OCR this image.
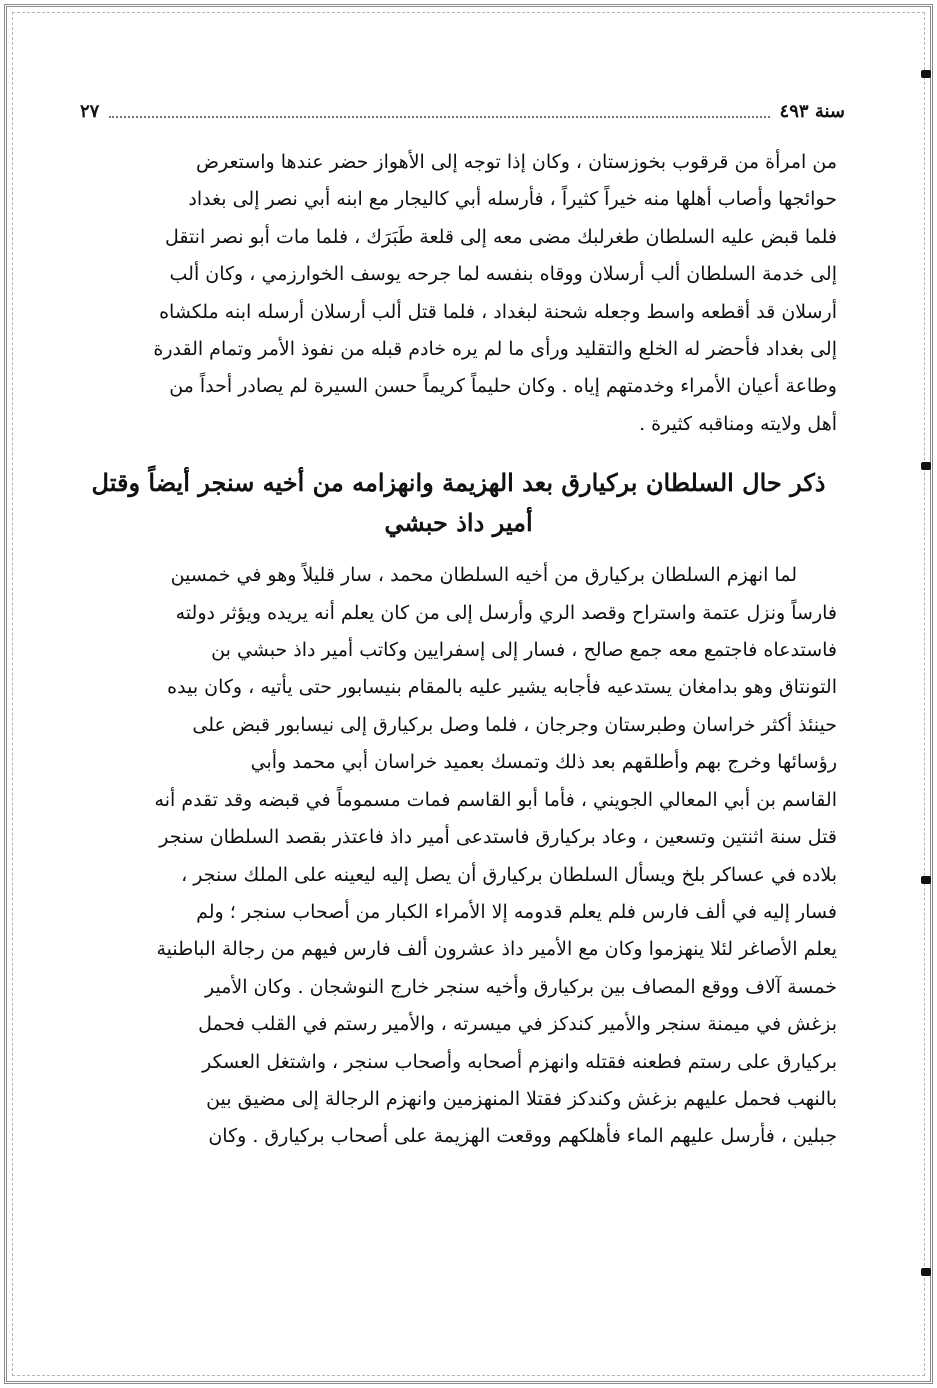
سنة ٤٩٣
٢٧

من امرأة من قرقوب بخوزستان ، وكان إذا توجه إلى الأهواز حضر عندها واستعرض

حوائجها وأصاب أهلها منه خيراً كثيراً ، فأرسله أبي كاليجار مع ابنه أبي نصر إلى بغداد

فلما قبض عليه السلطان طغرلبك مضى معه إلى قلعة طَبَرَك ، فلما مات أبو نصر انتقل

إلى خدمة السلطان ألب أرسلان ووقاه بنفسه لما جرحه يوسف الخوارزمي ، وكان ألب

أرسلان قد أقطعه واسط وجعله شحنة لبغداد ، فلما قتل ألب أرسلان أرسله ابنه ملكشاه

إلى بغداد فأحضر له الخلع والتقليد ورأى ما لم يره خادم قبله من نفوذ الأمر وتمام القدرة

وطاعة أعيان الأمراء وخدمتهم إياه . وكان حليماً كريماً حسن السيرة لم يصادر أحداً من

أهل ولايته ومناقبه كثيرة .

ذكر حال السلطان بركيارق بعد الهزيمة وانهزامه من أخيه سنجر أيضاً وقتل
أمير داذ حبشي

لما انهزم السلطان بركيارق من أخيه السلطان محمد ، سار قليلاً وهو في خمسين

فارساً ونزل عتمة واستراح وقصد الري وأرسل إلى من كان يعلم أنه يريده ويؤثر دولته

فاستدعاه فاجتمع معه جمع صالح ، فسار إلى إسفرايين وكاتب أمير داذ حبشي بن

التونتاق وهو بدامغان يستدعيه فأجابه يشير عليه بالمقام بنيسابور حتى يأتيه ، وكان بيده

حينئذ أكثر خراسان وطبرستان وجرجان ، فلما وصل بركيارق إلى نيسابور قبض على

رؤسائها وخرج بهم وأطلقهم بعد ذلك وتمسك بعميد خراسان أبي محمد وأبي

القاسم بن أبي المعالي الجويني ، فأما أبو القاسم فمات مسموماً في قبضه وقد تقدم أنه

قتل سنة اثنتين وتسعين ، وعاد بركيارق فاستدعى أمير داذ فاعتذر بقصد السلطان سنجر

بلاده في عساكر بلخ ويسأل السلطان بركيارق أن يصل إليه ليعينه على الملك سنجر ،

فسار إليه في ألف فارس فلم يعلم قدومه إلا الأمراء الكبار من أصحاب سنجر ؛ ولم

يعلم الأصاغر لئلا ينهزموا وكان مع الأمير داذ عشرون ألف فارس فيهم من رجالة الباطنية

خمسة آلاف ووقع المصاف بين بركيارق وأخيه سنجر خارج النوشجان . وكان الأمير

بزغش في ميمنة سنجر والأمير كندكز في ميسرته ، والأمير رستم في القلب فحمل

بركيارق على رستم فطعنه فقتله وانهزم أصحابه وأصحاب سنجر ، واشتغل العسكر

بالنهب فحمل عليهم بزغش وكندكز فقتلا المنهزمين وانهزم الرجالة إلى مضيق بين

جبلين ، فأرسل عليهم الماء فأهلكهم ووقعت الهزيمة على أصحاب بركيارق . وكان
